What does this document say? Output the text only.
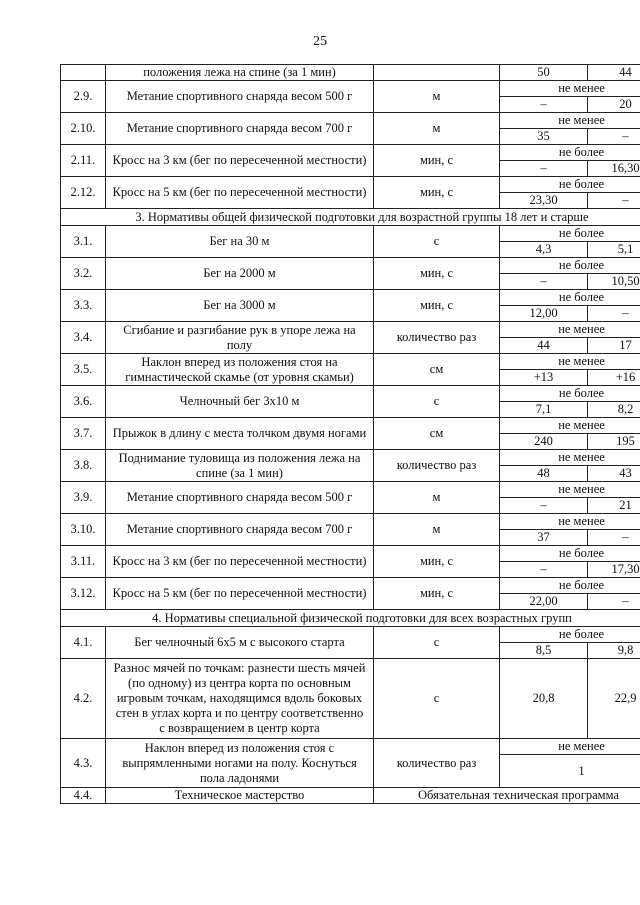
25
	положения лежа на спине (за 1 мин)		50	44
2.9.	Метание спортивного снаряда весом 500 г	м	не менее	
			–	20
2.10.	Метание спортивного снаряда весом 700 г	м	не менее	
			35	–
2.11.	Кросс на 3 км (бег по пересеченной местности)	мин, с	не более	
			–	16,30
2.12.	Кросс на 5 км (бег по пересеченной местности)	мин, с	не более	
			23,30	–
3. Нормативы общей физической подготовки для возрастной группы 18 лет и старше				
3.1.	Бег на 30 м	с	не более	
			4,3	5,1
3.2.	Бег на 2000 м	мин, с	не более	
			–	10,50
3.3.	Бег на 3000 м	мин, с	не более	
			12,00	–
3.4.	Сгибание и разгибание рук в упоре лежа на полу	количество раз	не менее	
			44	17
3.5.	Наклон вперед из положения стоя на гимнастической скамье (от уровня скамьи)	см	не менее	
			+13	+16
3.6.	Челночный бег 3х10 м	с	не более	
			7,1	8,2
3.7.	Прыжок в длину с места толчком двумя ногами	см	не менее	
			240	195
3.8.	Поднимание туловища из положения лежа на спине (за 1 мин)	количество раз	не менее	
			48	43
3.9.	Метание спортивного снаряда весом 500 г	м	не менее	
			–	21
3.10.	Метание спортивного снаряда весом 700 г	м	не менее	
			37	–
3.11.	Кросс на 3 км (бег по пересеченной местности)	мин, с	не более	
			–	17,30
3.12.	Кросс на 5 км (бег по пересеченной местности)	мин, с	не более	
			22,00	–
4. Нормативы специальной физической подготовки для всех возрастных групп				
4.1.	Бег челночный 6х5 м с высокого старта	с	не более	
			8,5	9,8
4.2.	Разнос мячей по точкам: разнести шесть мячей (по одному) из центра корта по основным игровым точкам, находящимся вдоль боковых стен в углах корта и по центру соответственно с возвращением в центр корта	с	20,8	22,9
4.3.	Наклон вперед из положения стоя с выпрямленными ногами на полу. Коснуться пола ладонями	количество раз	не менее	
			1	
4.4.	Техническое мастерство	Обязательная техническая программа		
